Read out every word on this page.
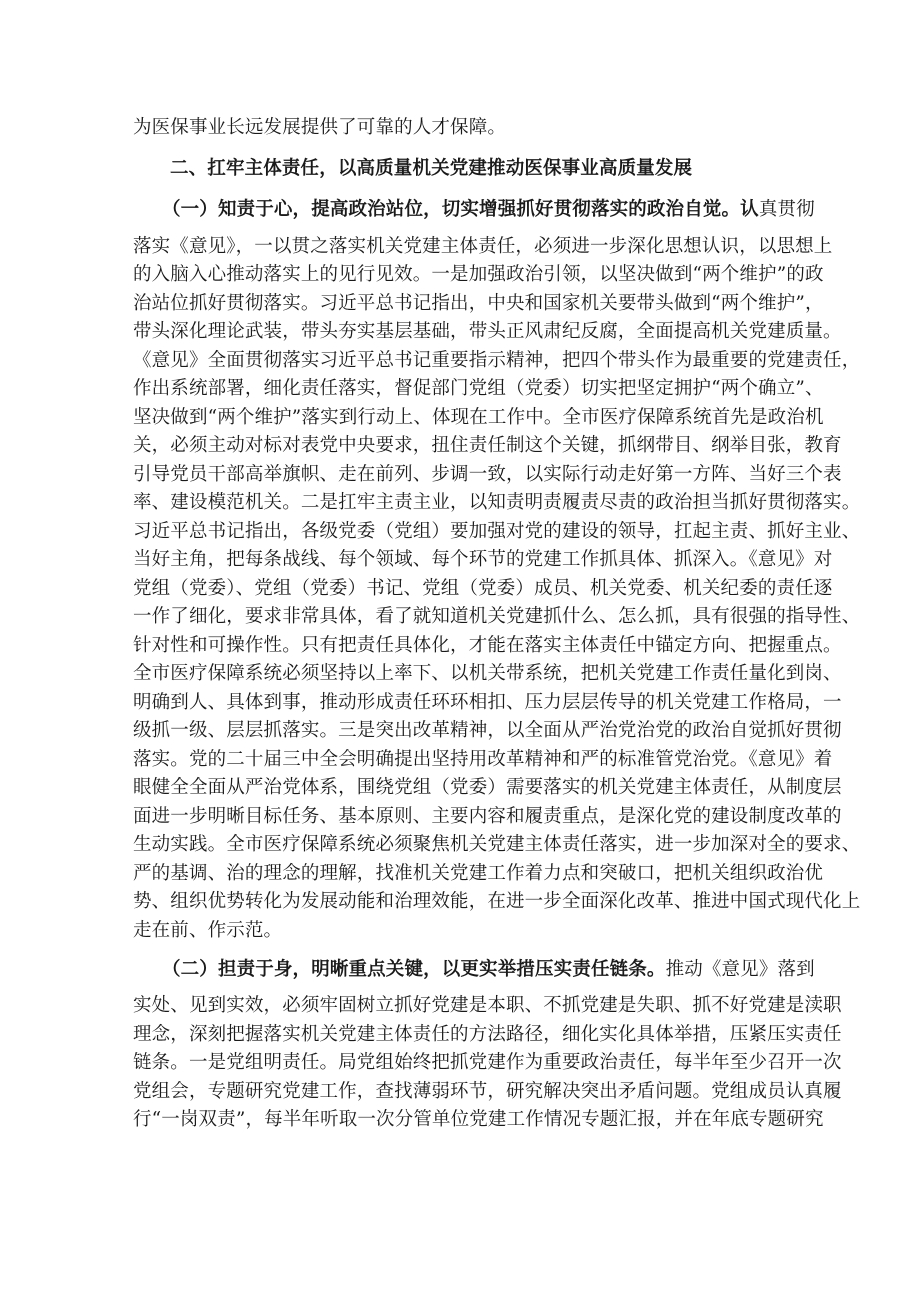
为医保事业长远发展提供了可靠的人才保障。
二、扛牢主体责任，以高质量机关党建推动医保事业高质量发展
（一）知责于心，提高政治站位，切实增强抓好贯彻落实的政治自觉。认真贯彻
落实《意见》，一以贯之落实机关党建主体责任，必须进一步深化思想认识，以思想上
的入脑入心推动落实上的见行见效。一是加强政治引领，以坚决做到“两个维护”的政
治站位抓好贯彻落实。习近平总书记指出，中央和国家机关要带头做到“两个维护”，
带头深化理论武装，带头夯实基层基础，带头正风肃纪反腐，全面提高机关党建质量。
《意见》全面贯彻落实习近平总书记重要指示精神，把四个带头作为最重要的党建责任，
作出系统部署，细化责任落实，督促部门党组（党委）切实把坚定拥护“两个确立”、
坚决做到“两个维护”落实到行动上、体现在工作中。全市医疗保障系统首先是政治机
关，必须主动对标对表党中央要求，扭住责任制这个关键，抓纲带目、纲举目张，教育
引导党员干部高举旗帜、走在前列、步调一致，以实际行动走好第一方阵、当好三个表
率、建设模范机关。二是扛牢主责主业，以知责明责履责尽责的政治担当抓好贯彻落实。
习近平总书记指出，各级党委（党组）要加强对党的建设的领导，扛起主责、抓好主业、
当好主角，把每条战线、每个领域、每个环节的党建工作抓具体、抓深入。《意见》对
党组（党委）、党组（党委）书记、党组（党委）成员、机关党委、机关纪委的责任逐
一作了细化，要求非常具体，看了就知道机关党建抓什么、怎么抓，具有很强的指导性、
针对性和可操作性。只有把责任具体化，才能在落实主体责任中锚定方向、把握重点。
全市医疗保障系统必须坚持以上率下、以机关带系统，把机关党建工作责任量化到岗、
明确到人、具体到事，推动形成责任环环相扣、压力层层传导的机关党建工作格局，一
级抓一级、层层抓落实。三是突出改革精神，以全面从严治党治党的政治自觉抓好贯彻
落实。党的二十届三中全会明确提出坚持用改革精神和严的标准管党治党。《意见》着
眼健全全面从严治党体系，围绕党组（党委）需要落实的机关党建主体责任，从制度层
面进一步明晰目标任务、基本原则、主要内容和履责重点，是深化党的建设制度改革的
生动实践。全市医疗保障系统必须聚焦机关党建主体责任落实，进一步加深对全的要求、
严的基调、治的理念的理解，找准机关党建工作着力点和突破口，把机关组织政治优
势、组织优势转化为发展动能和治理效能，在进一步全面深化改革、推进中国式现代化上
走在前、作示范。
（二）担责于身，明晰重点关键，以更实举措压实责任链条。推动《意见》落到
实处、见到实效，必须牢固树立抓好党建是本职、不抓党建是失职、抓不好党建是渎职
理念，深刻把握落实机关党建主体责任的方法路径，细化实化具体举措，压紧压实责任
链条。一是党组明责任。局党组始终把抓党建作为重要政治责任，每半年至少召开一次
党组会，专题研究党建工作，查找薄弱环节，研究解决突出矛盾问题。党组成员认真履
行“一岗双责”，每半年听取一次分管单位党建工作情况专题汇报，并在年底专题研究
